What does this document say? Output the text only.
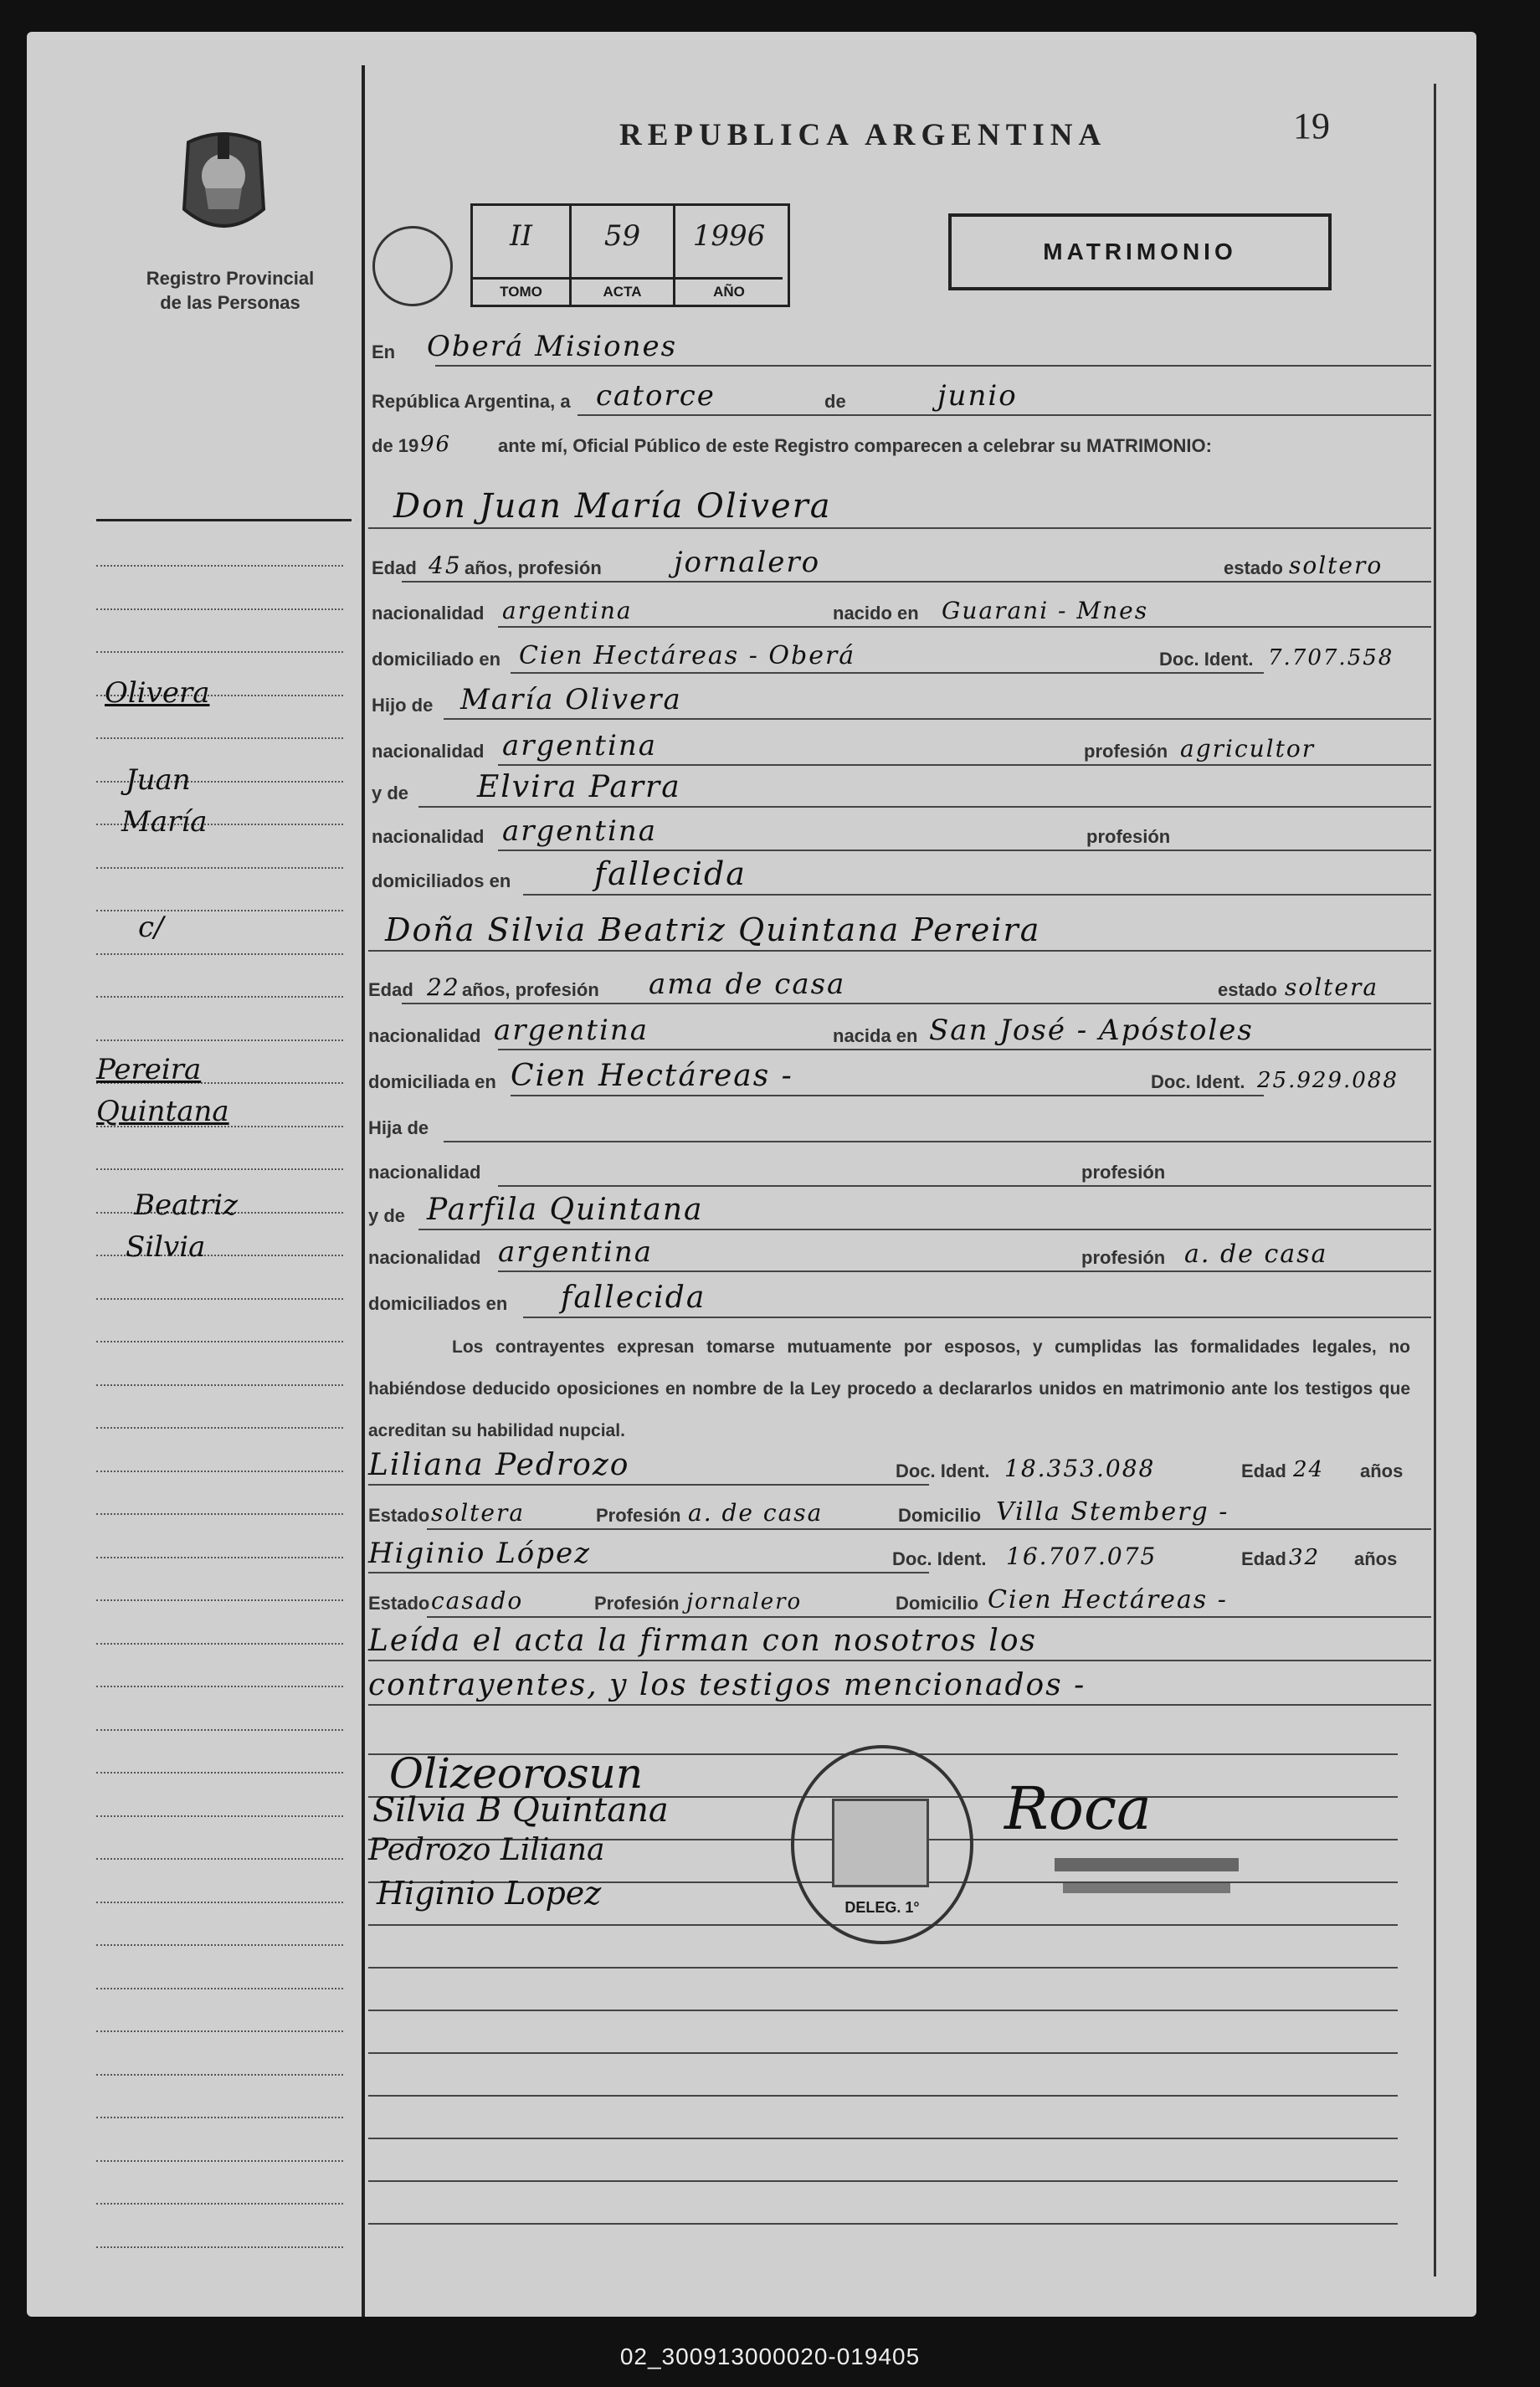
Registro Provincial
de las Personas
REPUBLICA ARGENTINA	19
II
TOMO
59
ACTA
1996
AÑO
MATRIMONIO
En Oberá Misiones
República Argentina, a catorce	de	junio
de 19 96	ante mí, Oficial Público de este Registro comparecen a celebrar su MATRIMONIO:
Don Juan María Olivera
Edad 45 años, profesión	jornalero	estado soltero
nacionalidad argentina	nacido en Guarani - Mnes
domiciliado en Cien Hectáreas - Oberá	Doc. Ident. 7.707.558
Hijo de María Olivera
nacionalidad argentina	profesión agricultor
y de Elvira Parra
nacionalidad argentina	profesión
domiciliados en	fallecida
Doña Silvia Beatriz Quintana Pereira
Edad 22 años, profesión ama de casa	estado soltera
nacionalidad argentina	nacida en San José - Apóstoles
domiciliada en Cien Hectáreas -	Doc. Ident. 25.929.088
Hija de
nacionalidad	profesión
y de Parfila Quintana
nacionalidad argentina	profesión a. de casa
domiciliados en fallecida
Los contrayentes expresan tomarse mutuamente por esposos, y cumplidas las formalidades legales, no habiéndose deducido oposiciones en nombre de la Ley procedo a declararlos unidos en matrimonio ante los testigos que acreditan su habilidad nupcial.
Liliana Pedrozo	Doc. Ident. 18.353.088	Edad 24 años
Estado soltera	Profesión a. de casa	Domicilio Villa Stemberg -
Higinio López	Doc. Ident. 16.707.075	Edad 32 años
Estado casado	Profesión jornalero	Domicilio Cien Hectáreas -
Leída el acta la firman con nosotros los
contrayentes, y los testigos mencionados -
Olivera
Juan
María
c/
Pereira
Quintana
Beatriz
Silvia
Olizeorosun
Silvia B Quintana
Pedrozo Liliana
Higinio Lopez
Roca
DELEG. 1°
02_300913000020-019405
